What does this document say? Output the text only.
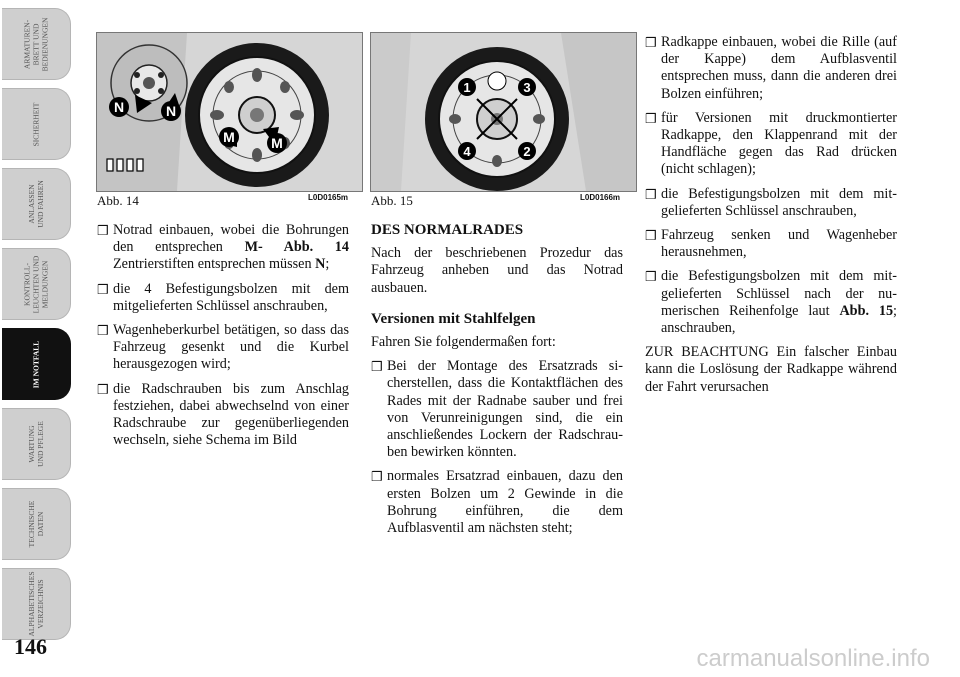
ARMATUREN-
BRETT UND
BEDIENUNGEN
SICHERHEIT
ANLASSEN
UND FAHREN
KONTROLL-
LEUCHTEN UND
MELDUNGEN
IM NOTFALL
WARTUNG
UND PFLEGE
TECHNISCHE
DATEN
ALPHABETISCHES
VERZEICHNIS
146
N	N
M	M
Abb. 14	L0D0165m
1
2
3
4
Abb. 15	L0D0166m
❒ Notrad einbauen, wobei die Bohrungen den entsprechen M- Abb. 14 Zentrierstiften entsprechen müssen N;
❒ die 4 Befestigungsbolzen mit dem mitgelieferten Schlüssel anschrauben,
❒ Wagenheberkurbel betätigen, so dass das Fahrzeug gesenkt und die Kurbel herausgezogen wird;
❒ die Radschrauben bis zum Anschlag festziehen, dabei abwechselnd von einer Radschraube zur gegenüberliegenden wechseln, siehe Schema im Bild
DES NORMALRADES

Nach der beschriebenen Prozedur das Fahrzeug anheben und das Notrad ausbauen.

Versionen mit Stahlfelgen

Fahren Sie folgendermaßen fort:

❒ Bei der Montage des Ersatzrads sicherstellen, dass die Kontaktflächen des Rades mit der Radnabe sauber und frei von Verunreinigungen sind, die ein anschließendes Lockern der Radschrauben bewirken könnten.
❒ normales Ersatzrad einbauen, dazu den ersten Bolzen um 2 Gewinde in die Bohrung einführen, die dem Aufblasventil am nächsten steht;
❒ Radkappe einbauen, wobei die Rille (auf der Kappe) dem Aufblasventil entsprechen muss, dann die anderen drei Bolzen einführen;
❒ für Versionen mit druckmontierter Radkappe, den Klappenrand mit der Handfläche gegen das Rad drücken (nicht schlagen);
❒ die Befestigungsbolzen mit dem mitgelieferten Schlüssel anschrauben,
❒ Fahrzeug senken und Wagenheber herausnehmen,
❒ die Befestigungsbolzen mit dem mitgelieferten Schlüssel nach der numerischen Reihenfolge laut Abb. 15; anschrauben,

ZUR BEACHTUNG Ein falscher Einbau kann die Loslösung der Radkappe während der Fahrt verursachen

carmanualsonline.info
